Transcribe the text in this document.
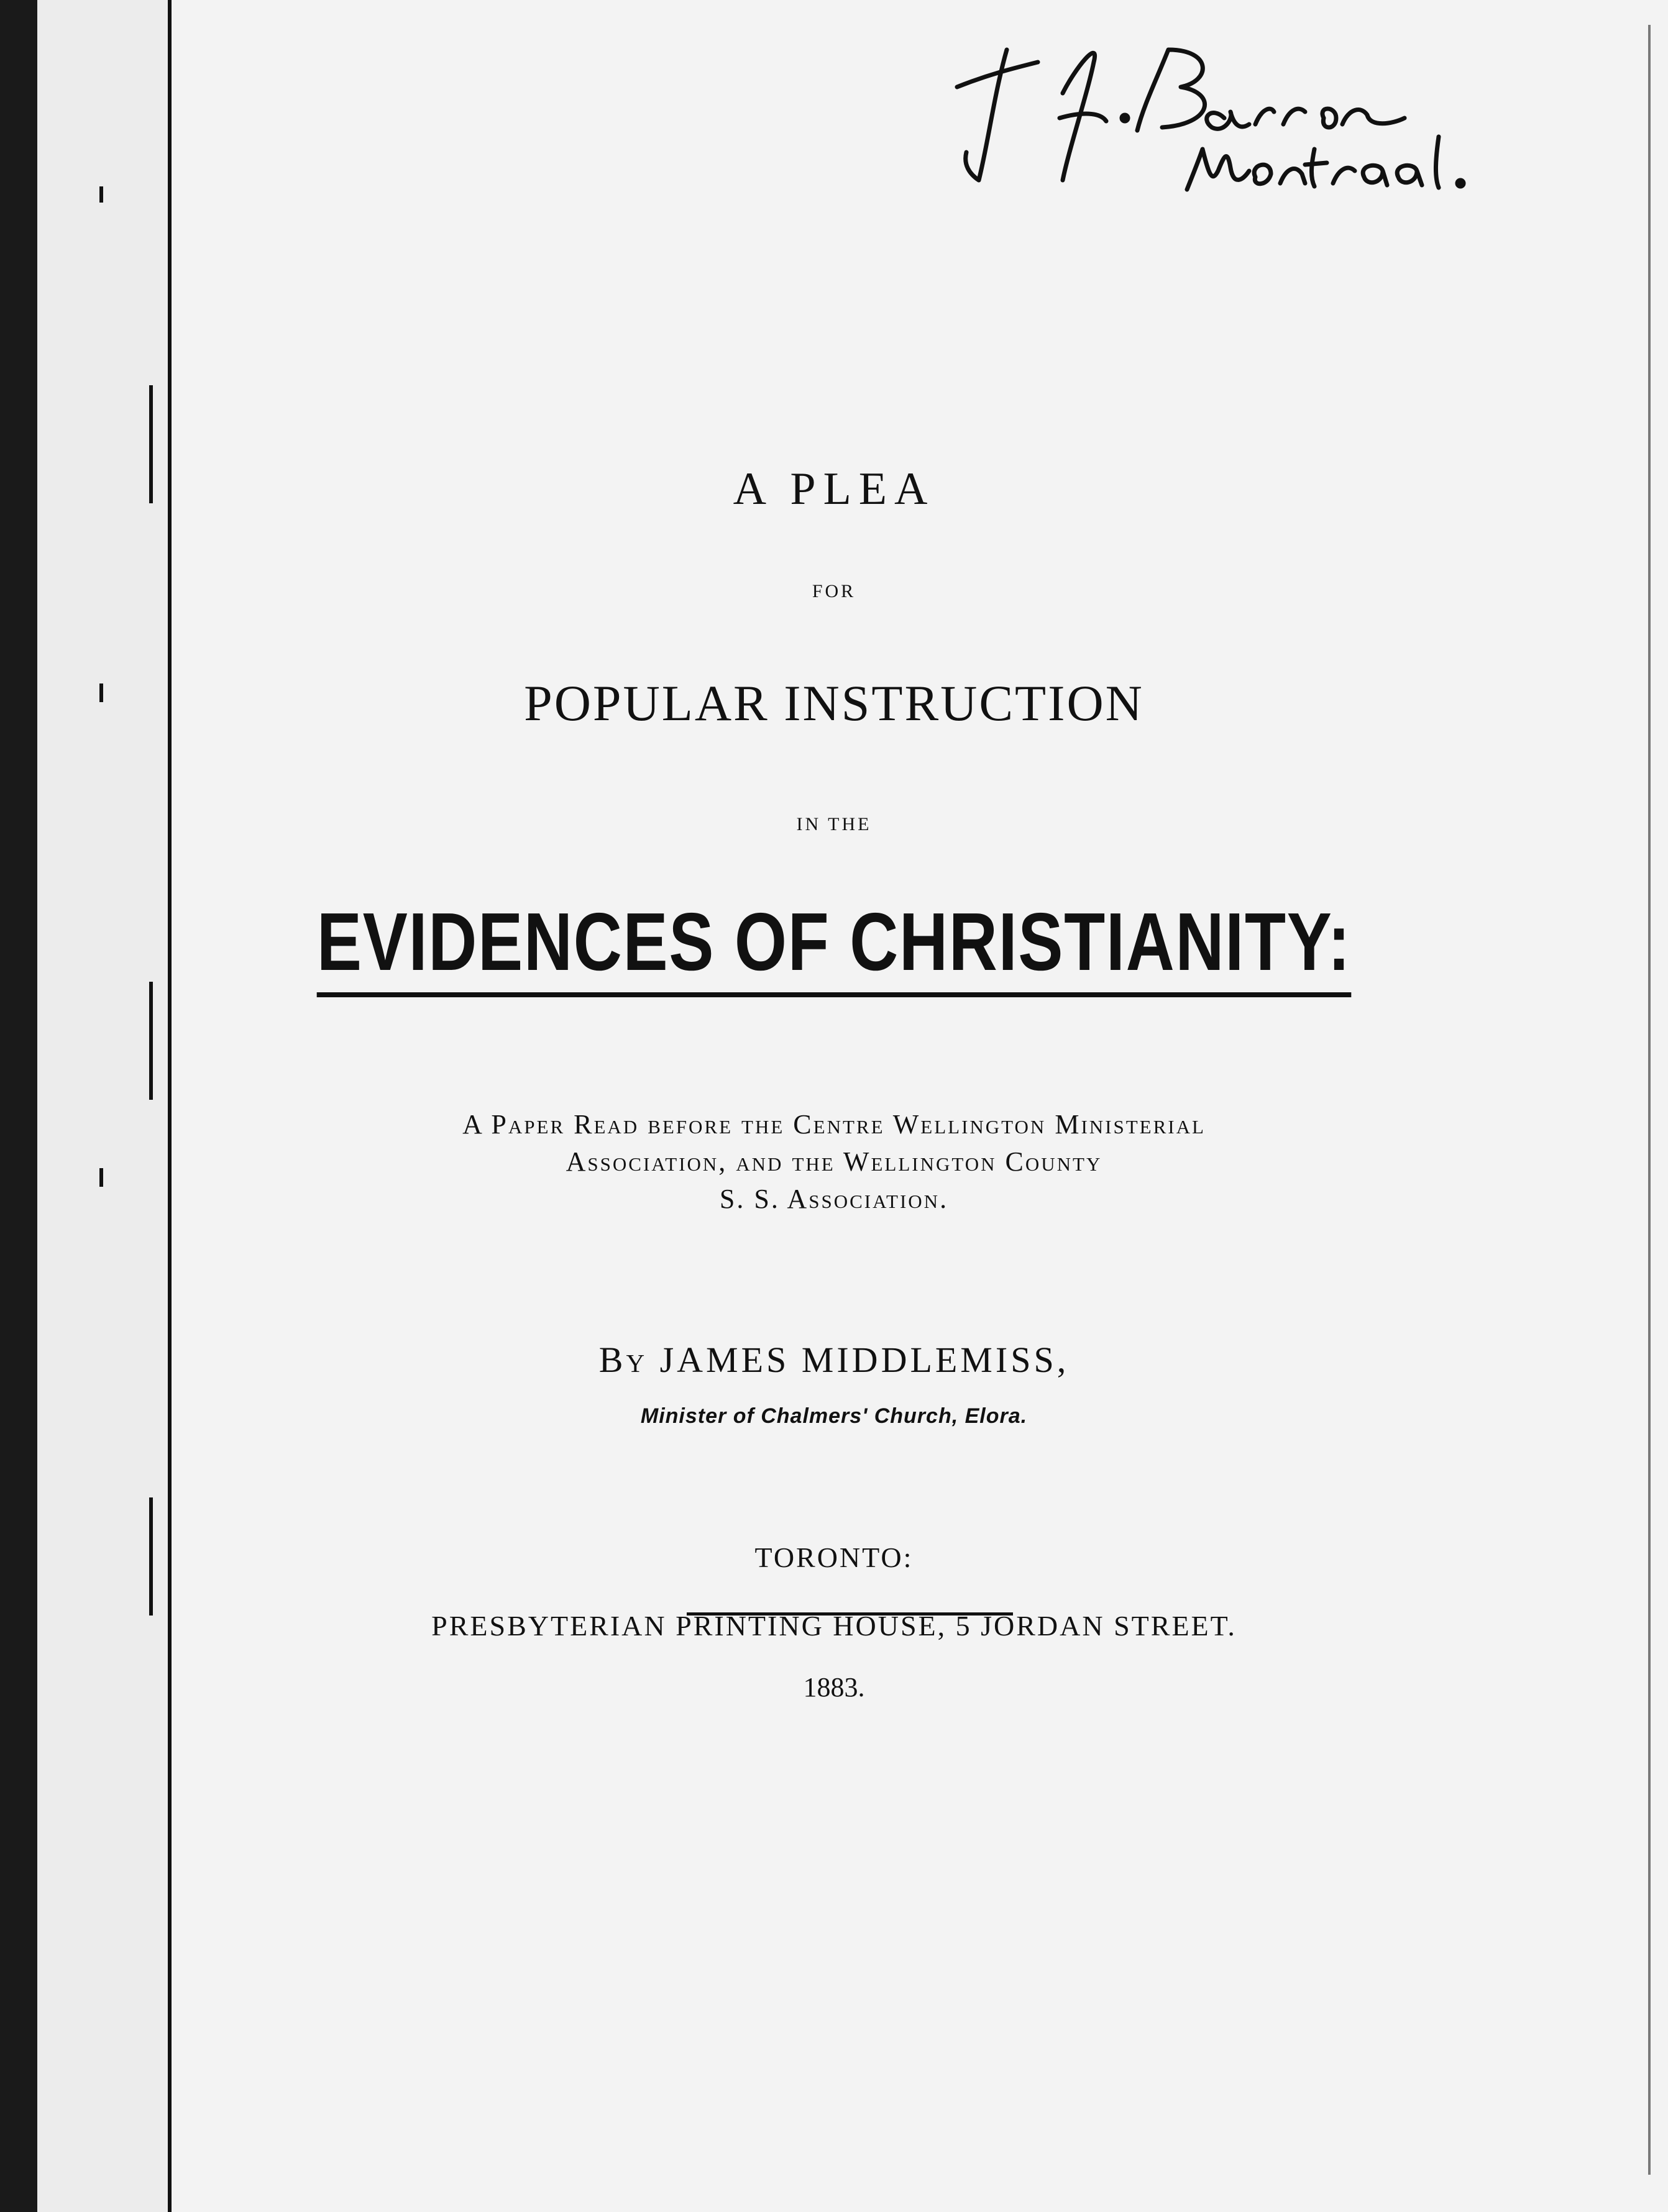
A PLEA
FOR
POPULAR INSTRUCTION
IN THE
EVIDENCES OF CHRISTIANITY:
A Paper Read before the Centre Wellington Ministerial
Association, and the Wellington County
S. S. Association.
By JAMES MIDDLEMISS,
Minister of Chalmers' Church, Elora.
TORONTO:
PRESBYTERIAN PRINTING HOUSE, 5 JORDAN STREET.
1883.
